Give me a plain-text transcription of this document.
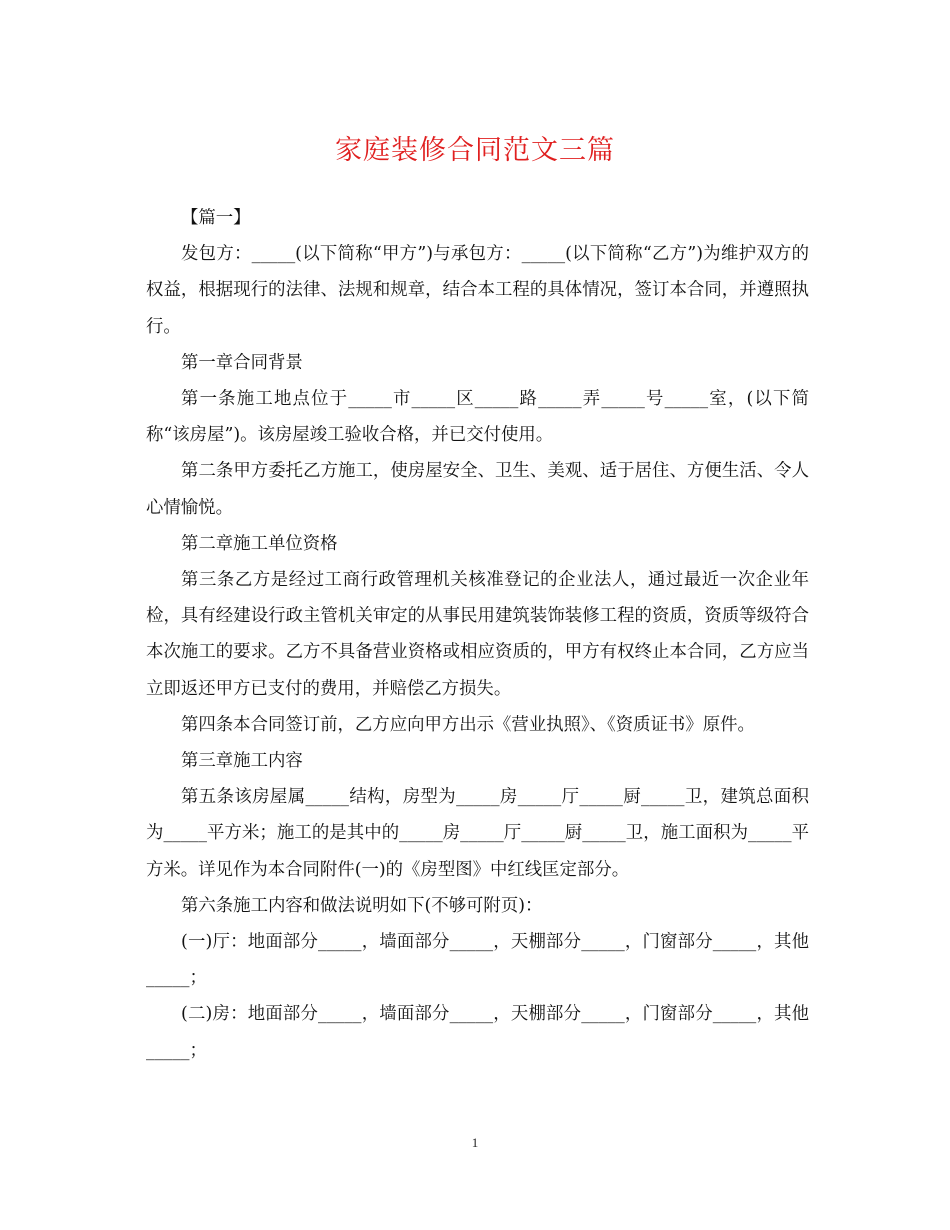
家庭装修合同范文三篇

【篇一】

发包方：_____(以下简称“甲方”)与承包方：_____(以下简称“乙方”)为维护双方的权益，根据现行的法律、法规和规章，结合本工程的具体情况，签订本合同，并遵照执行。

第一章合同背景

第一条施工地点位于_____市_____区_____路_____弄_____号_____室，(以下简称“该房屋”)。该房屋竣工验收合格，并已交付使用。

第二条甲方委托乙方施工，使房屋安全、卫生、美观、适于居住、方便生活、令人心情愉悦。

第二章施工单位资格

第三条乙方是经过工商行政管理机关核准登记的企业法人，通过最近一次企业年检，具有经建设行政主管机关审定的从事民用建筑装饰装修工程的资质，资质等级符合本次施工的要求。乙方不具备营业资格或相应资质的，甲方有权终止本合同，乙方应当立即返还甲方已支付的费用，并赔偿乙方损失。

第四条本合同签订前，乙方应向甲方出示《营业执照》、《资质证书》原件。

第三章施工内容

第五条该房屋属_____结构，房型为_____房_____厅_____厨_____卫，建筑总面积为_____平方米；施工的是其中的_____房_____厅_____厨_____卫，施工面积为_____平方米。详见作为本合同附件(一)的《房型图》中红线匡定部分。

第六条施工内容和做法说明如下(不够可附页)：

(一)厅：地面部分_____，墙面部分_____，天棚部分_____，门窗部分_____，其他_____；

(二)房：地面部分_____，墙面部分_____，天棚部分_____，门窗部分_____，其他_____；

1
